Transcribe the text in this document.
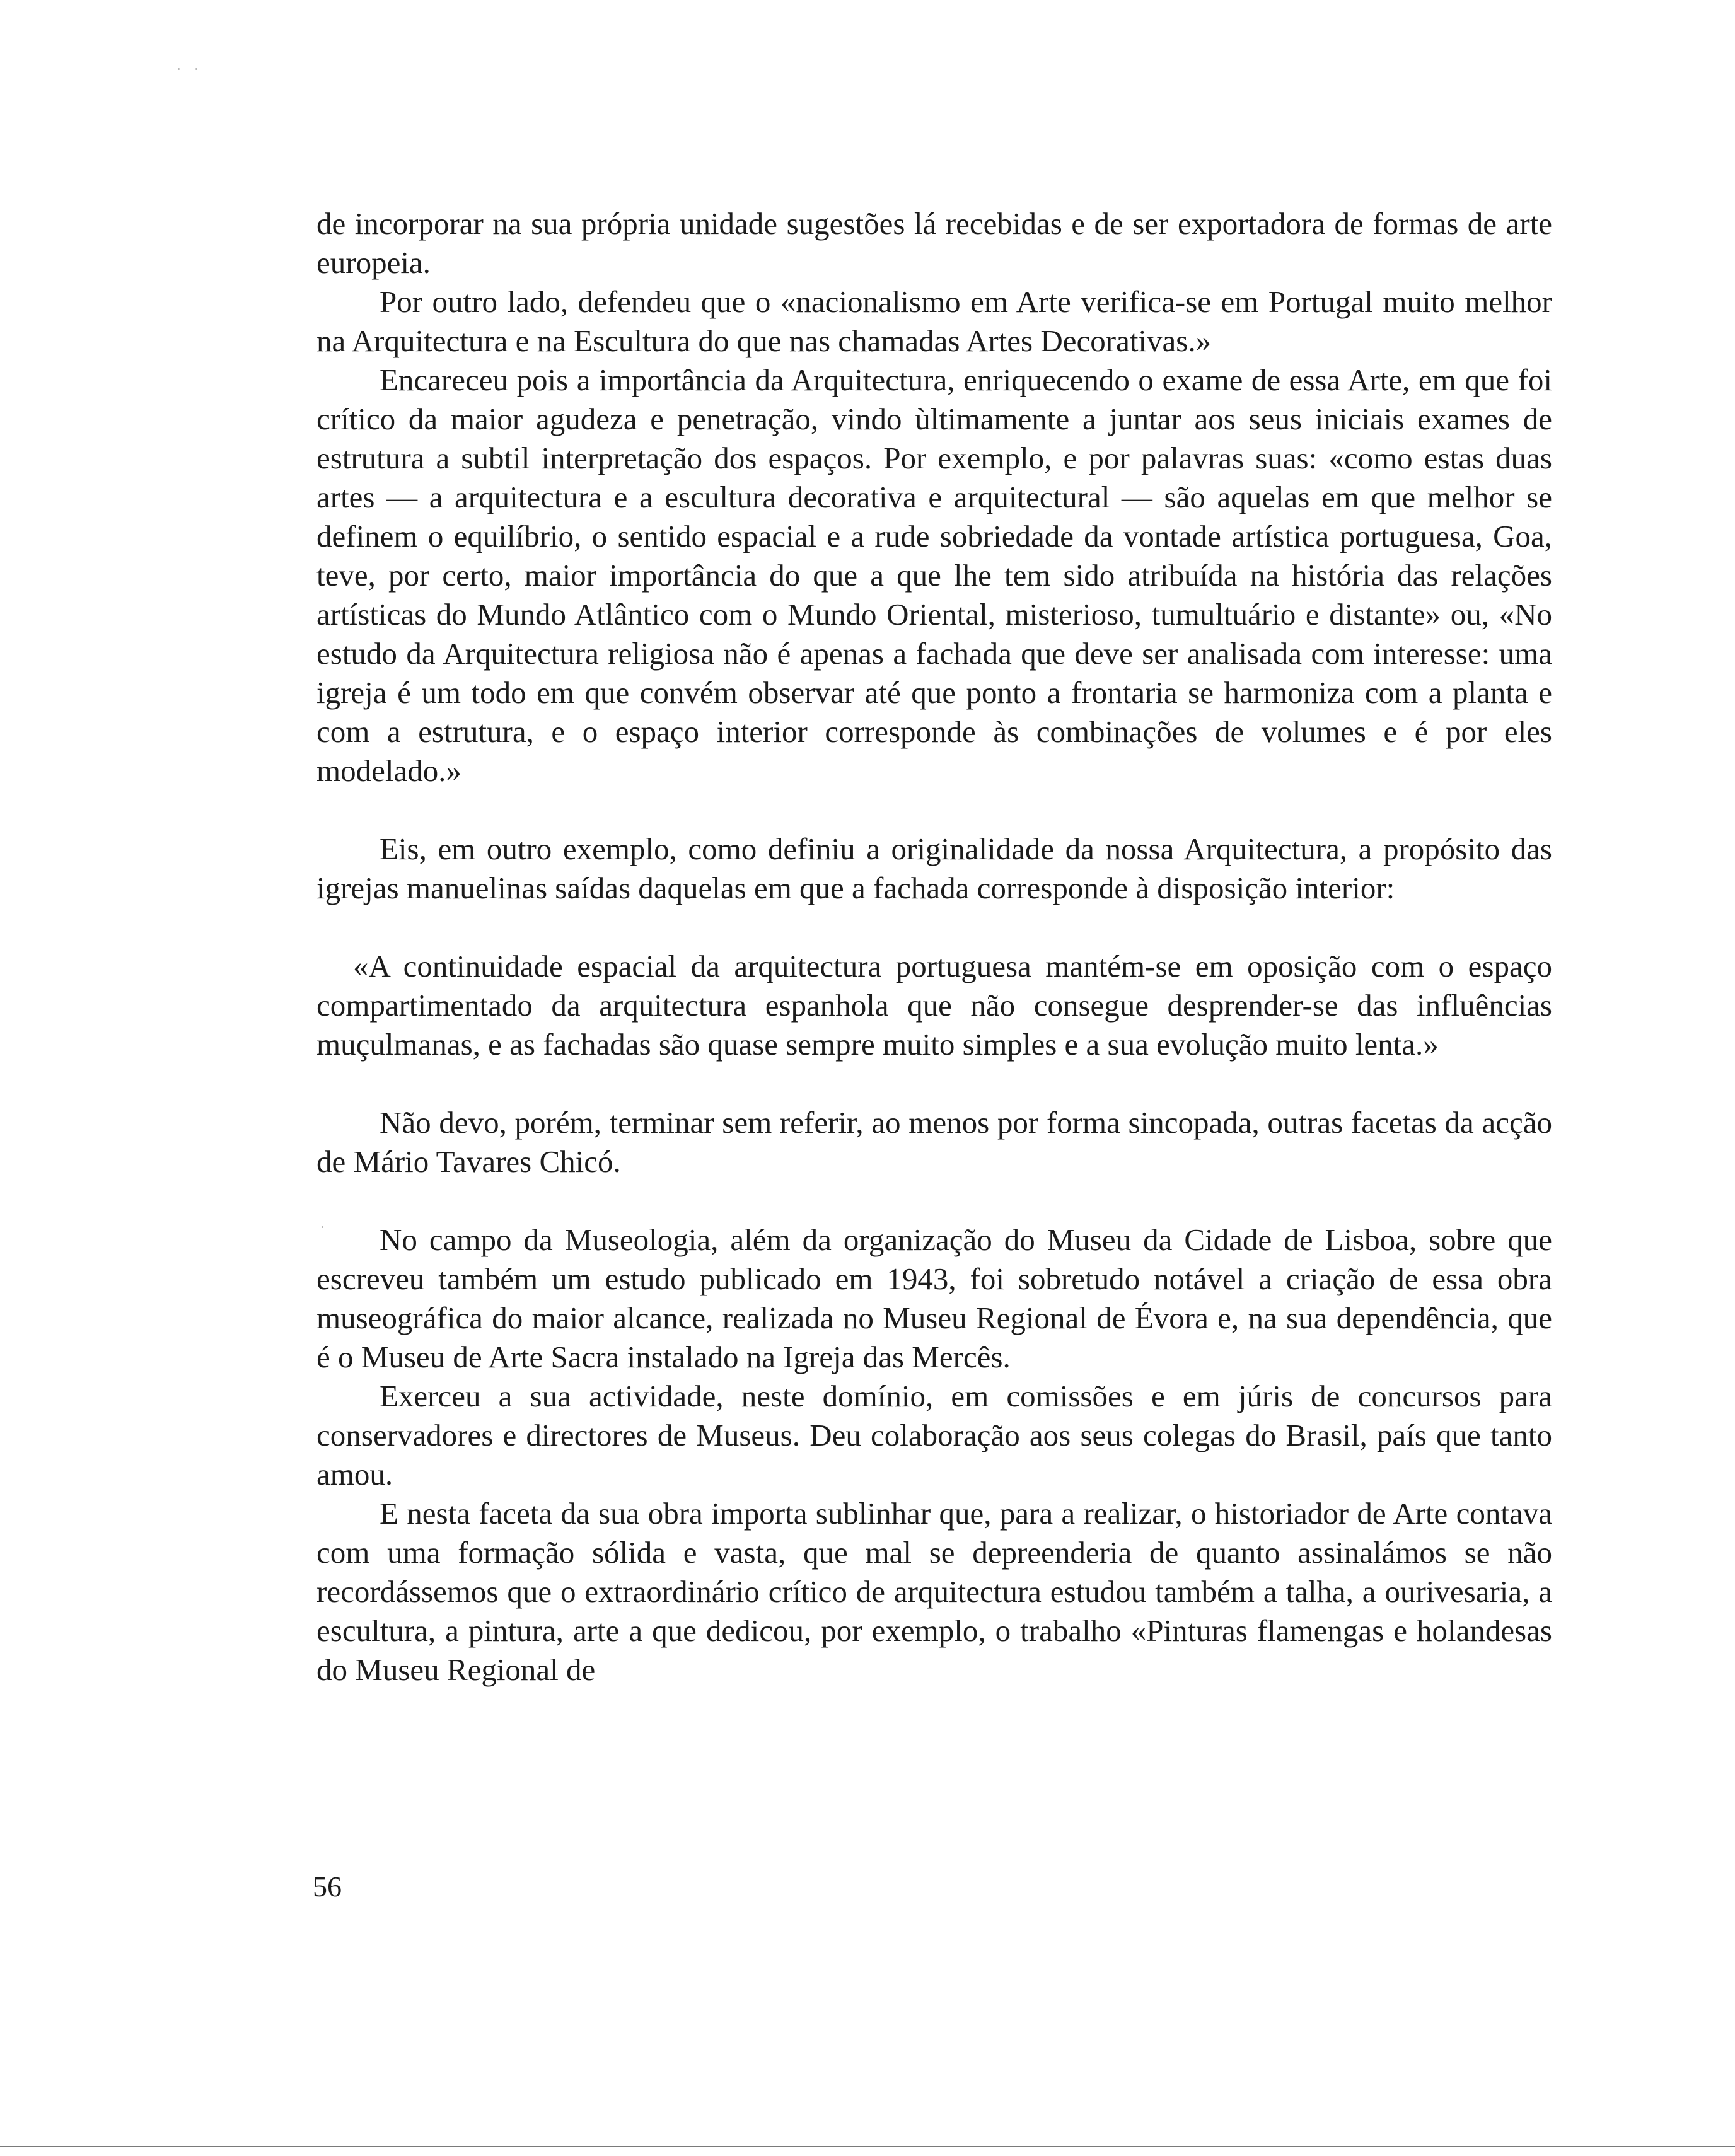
de incorporar na sua própria unidade sugestões lá recebidas e de ser exportadora de formas de arte europeia.

Por outro lado, defendeu que o «nacionalismo em Arte verifica-se em Portugal muito melhor na Arquitectura e na Escultura do que nas chamadas Artes Decorativas.»

Encareceu pois a importância da Arquitectura, enriquecendo o exame de essa Arte, em que foi crítico da maior agudeza e penetração, vindo ùltimamente a juntar aos seus iniciais exames de estrutura a subtil interpretação dos espaços. Por exemplo, e por palavras suas: «como estas duas artes — a arquitectura e a escultura decorativa e arquitectural — são aquelas em que melhor se definem o equilíbrio, o sentido espacial e a rude sobriedade da vontade artística portuguesa, Goa, teve, por certo, maior importância do que a que lhe tem sido atribuída na história das relações artísticas do Mundo Atlântico com o Mundo Oriental, misterioso, tumultuário e distante» ou, «No estudo da Arquitectura religiosa não é apenas a fachada que deve ser analisada com interesse: uma igreja é um todo em que convém observar até que ponto a frontaria se harmoniza com a planta e com a estrutura, e o espaço interior corresponde às combinações de volumes e é por eles modelado.»

Eis, em outro exemplo, como definiu a originalidade da nossa Arquitectura, a propósito das igrejas manuelinas saídas daquelas em que a fachada corresponde à disposição interior:

«A continuidade espacial da arquitectura portuguesa mantém-se em oposição com o espaço compartimentado da arquitectura espanhola que não consegue desprender-se das influências muçulmanas, e as fachadas são quase sempre muito simples e a sua evolução muito lenta.»

Não devo, porém, terminar sem referir, ao menos por forma sincopada, outras facetas da acção de Mário Tavares Chicó.

No campo da Museologia, além da organização do Museu da Cidade de Lisboa, sobre que escreveu também um estudo publicado em 1943, foi sobretudo notável a criação de essa obra museográfica do maior alcance, realizada no Museu Regional de Évora e, na sua dependência, que é o Museu de Arte Sacra instalado na Igreja das Mercês.

Exerceu a sua actividade, neste domínio, em comissões e em júris de concursos para conservadores e directores de Museus. Deu colaboração aos seus colegas do Brasil, país que tanto amou.

E nesta faceta da sua obra importa sublinhar que, para a realizar, o historiador de Arte contava com uma formação sólida e vasta, que mal se depreenderia de quanto assinalámos se não recordássemos que o extraordinário crítico de arquitectura estudou também a talha, a ourivesaria, a escultura, a pintura, arte a que dedicou, por exemplo, o trabalho «Pinturas flamengas e holandesas do Museu Regional de

56
